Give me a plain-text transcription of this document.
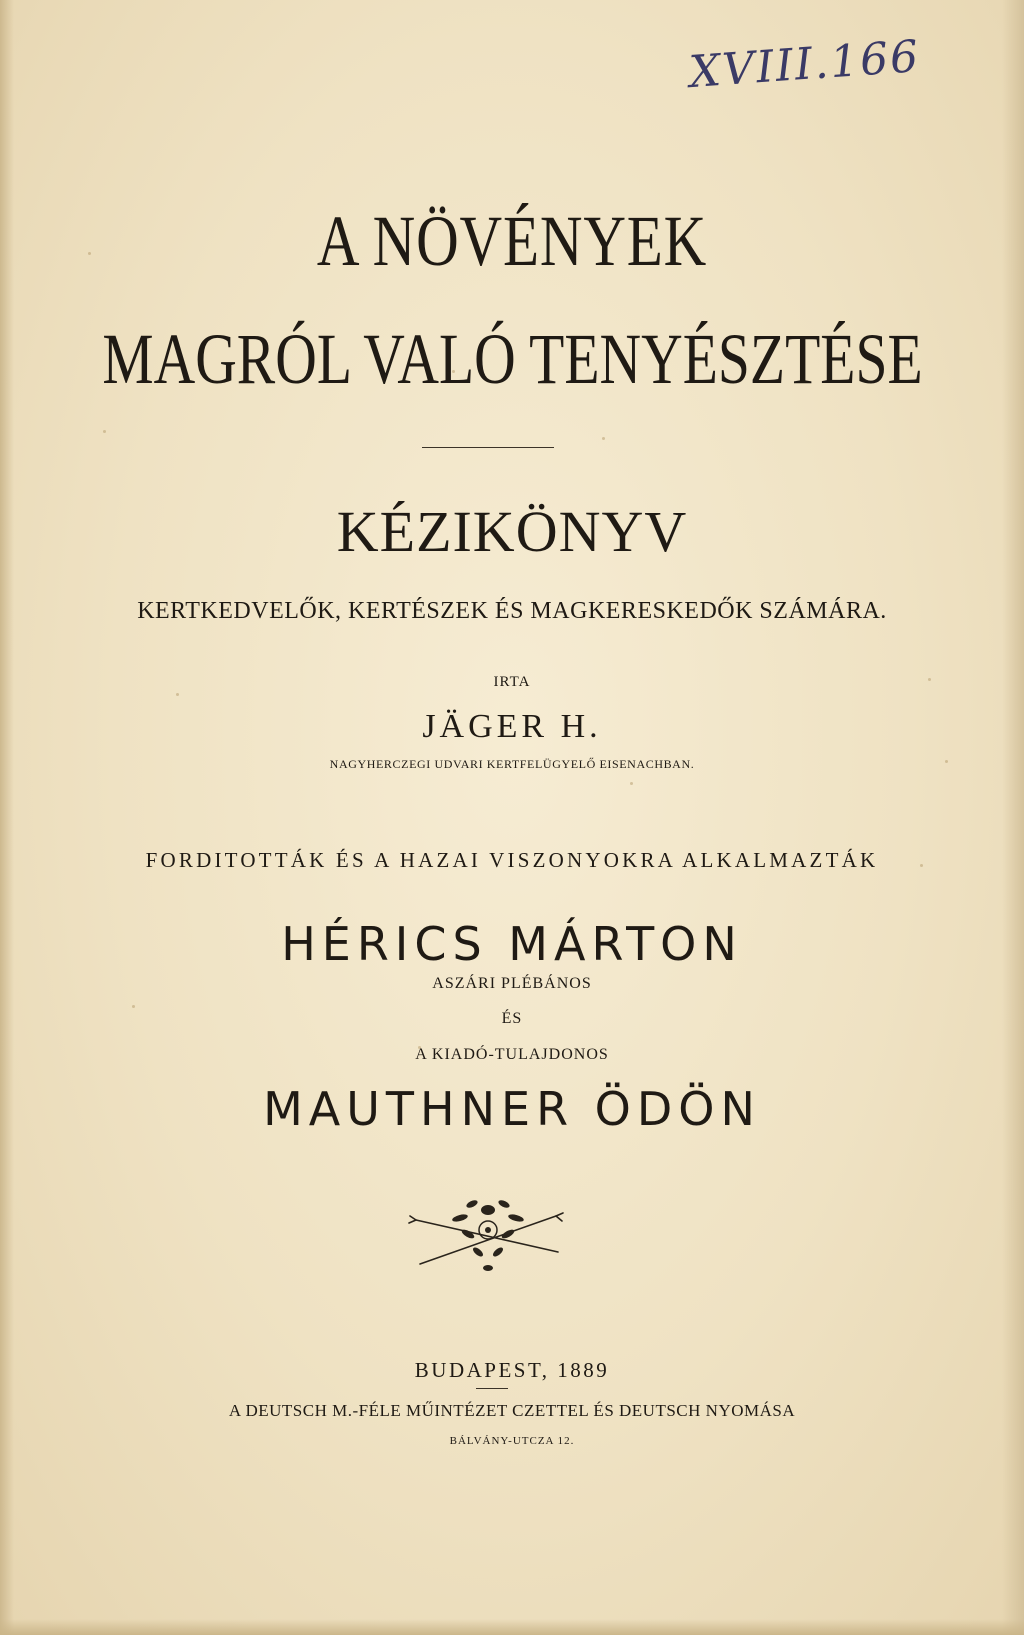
XVIII.166
A NÖVÉNYEK
MAGRÓL VALÓ TENYÉSZTÉSE
KÉZIKÖNYV
KERTKEDVELŐK, KERTÉSZEK ÉS MAGKERESKEDŐK SZÁMÁRA.
IRTA
JÄGER H.
NAGYHERCZEGI UDVARI KERTFELÜGYELŐ EISENACHBAN.
FORDITOTTÁK ÉS A HAZAI VISZONYOKRA ALKALMAZTÁK
HÉRICS MÁRTON
ASZÁRI PLÉBÁNOS
ÉS
A KIADÓ-TULAJDONOS
MAUTHNER ÖDÖN
BUDAPEST, 1889
A DEUTSCH M.-FÉLE MŰINTÉZET CZETTEL ÉS DEUTSCH NYOMÁSA
BÁLVÁNY-UTCZA 12.
